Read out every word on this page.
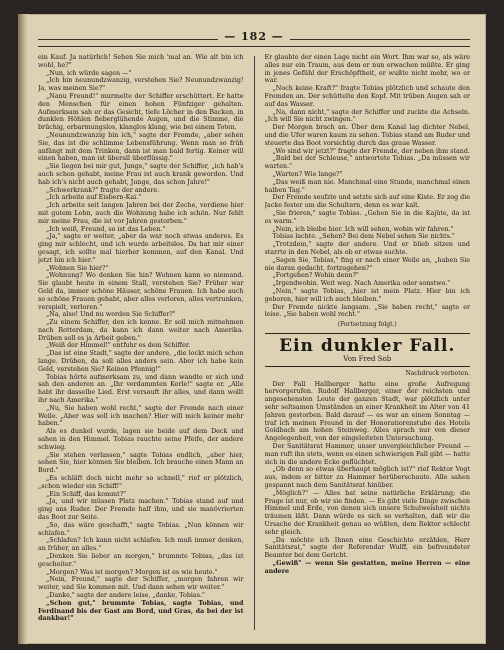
— 182 —

ein Kauf. Ja natürlich! Sehen Sie mich 'mal an. Wie alt bin ich wohl, he?"

„Nun, ich würde sagen —"

„Ich bin neunundzwanzig, verstehen Sie? Neunundzwanzig! Ja, was meinen Sie?"

„Nanu Freund!" murmelte der Schiffer erschüttert. Er hatte den Menschen für einen hohen Fünfziger gehalten. Aufmerksam sah er das Gesicht, tiefe Löcher in den Backen, in dunklen Höhlen fieberglühende Augen, und die Stimme, die brüchig, erbarmungslos, klanglos klang, wie bei einem Toten.

„Neunundzwanzig bin ich," sagte der Fremde, „aber sehen Sie, das ist die schlimme Lebensführung. Wenn man so früh anfängt mit dem Trinken, dann ist man bald fertig. Keiner will einen haben, man ist überall überflüssig."

„Sie liegen bei mir gut, Junge," sagte der Schiffer, „ich hab's auch schon gehabt, meine Frau ist auch krank geworden. Und hab ich's nicht auch gehabt, Junge, das schon Jahre!"

„Schwerkrank?" fragte der andere.

„Ich arbeite auf Eisbern-Kai."

„Ich arbeite seit langen Jahren bei der Zeche, verdiene hier mit gutem Lohn, auch die Wohnung habe ich schön. Nur fehlt mir meine Frau, die ist vor Jahren gestorben."

„Ich weiß, Freund, so ist das Leben."

„Ja," sagte er weiter, „aber da war noch etwas anderes. Es ging mir schlecht, und ich wurde arbeitslos. Da hat mir einer gesagt, ich sollte mal hierher kommen, auf den Kanal. Und jetzt bin ich hier."

„Wohnen Sie hier?"

„Wohnung? Wo denken Sie hin? Wohnen kann so niemand. Sie glaubt heute in einem Stall, verstehen Sie? Früher war Geld da, immer schöne Häuser, schöne Frauen. Ich habe auch so schöne Frauen gehabt, aber alles verloren, alles vertrunken, verspielt, verloren."

„Na, also! Und nu werden Sie Schiffer?"

„Zu einem Schiffer, den ich kenne. Er soll mich mitnehmen nach Rotterdam, da kann ich dann weiter nach Amerika. Drüben soll es ja Arbeit geben."

„Weiß der Himmel!" entfuhr es dem Schiffer.

„Das ist eine Stadt," sagte der andere, „die lockt mich schon lange. Drüben, da soll alles anders sein. Aber ich habe kein Geld, verstehen Sie? Keinen Pfennig!"

Tobias hörte aufmerksam zu, und dann wandte er sich und sah den anderen an. „Ihr verdammten Kerle!" sagte er. „Alle habt ihr dasselbe Lied. Erst versauft ihr alles, und dann wollt ihr nach Amerika."

„Nu, Sie haben wohl recht," sagte der Fremde nach einer Weile. „Aber was soll ich machen? Hier will mich keiner mehr haben."

Als es dunkel wurde, lagen sie beide auf dem Deck und sahen in den Himmel. Tobias rauchte seine Pfeife, der andere schwieg.

„Sie stehen verlassen," sagte Tobias endlich, „aber hier, sehen Sie, hier können Sie bleiben. Ich brauche einen Mann an Bord."

„Es schläft doch nicht mehr so schnell," rief er plötzlich, „schon wieder ein Schiff!"

„Ein Schiff, das kommt?"

„Ja, und wir müssen Platz machen." Tobias stand auf und ging ans Ruder. Der Fremde half ihm, und sie manövrierten das Boot zur Seite.

„So, das wäre geschafft," sagte Tobias. „Nun können wir schlafen."

„Schlafen? Ich kann nicht schlafen. Ich muß immer denken, an früher, an alles."

„Denken Sie lieber an morgen," brummte Tobias, „das ist gescheiter."

„Morgen? Was ist morgen? Morgen ist es wie heute."

„Nein, Freund," sagte der Schiffer, „morgen fahren wir weiter, und Sie kommen mit. Und dann sehen wir weiter."

„Danke," sagte der andere leise, „danke, Tobias."

„Schon gut," brummte Tobias, sagte Tobias, und Ferdinand bis der Gast am Bord, und Gras, da bei der ist dankbar!"

Er glaubte der einen Lage nicht ein Wort. Ihm war so, als wäre alles nur ein Traum, aus dem er nun erwachen müßte. Er ging in jenes Gefühl der Erschöpftheit, er wußte nicht mehr, wo er war.

„Noch keine Kraft?" fragte Tobias plötzlich und schaute den Fremden an. Der schüttelte den Kopf. Mit trüben Augen sah er auf das Wasser.

„Na, dann nicht," sagte der Schiffer und zuckte die Achseln. „Ich will Sie nicht zwingen."

Der Morgen brach an. Über dem Kanal lag dichter Nebel, und die Ufer waren kaum zu sehen. Tobias stand am Ruder und steuerte das Boot vorsichtig durch das graue Wasser.

„Wo sind wir jetzt?" fragte der Fremde, der neben ihm stand.

„Bald bei der Schleuse," antwortete Tobias. „Da müssen wir warten."

„Warten? Wie lange?"

„Das weiß man nie. Manchmal eine Stunde, manchmal einen halben Tag."

Der Fremde seufzte und setzte sich auf eine Kiste. Er zog die Jacke fester um die Schultern, denn es war kalt.

„Sie frieren," sagte Tobias. „Gehen Sie in die Kajüte, da ist es warm."

„Nein, ich bleibe hier. Ich will sehen, wohin wir fahren."

Tobias lachte. „Sehen? Bei dem Nebel sehen Sie nichts."

„Trotzdem," sagte der andere. Und er blieb sitzen und starrte in den Nebel, als ob er etwas suchte.

„Sagen Sie, Tobias," fing er nach einer Weile an, „haben Sie nie daran gedacht, fortzugehen?"

„Fortgehen? Wohin denn?"

„Irgendwohin. Weit weg. Nach Amerika oder sonstwo."

„Nein," sagte Tobias, „hier ist mein Platz. Hier bin ich geboren, hier will ich auch bleiben."

Der Fremde nickte langsam. „Sie haben recht," sagte er leise. „Sie haben wohl recht."

(Fortsetzung folgt.)
Ein dunkler Fall.
Von Fred Sob
Nachdruck verboten.

Der Fall Hallberger hatte eine große Aufregung hervorgerufen. Rudolf Hallberger, einer der reichsten und angesehensten Leute der ganzen Stadt, war plötzlich unter sehr seltsamen Umständen an einer Krankheit im Alter von 41 Jahren gestorben. Bald darauf — es war an einem Sonntag — traf ich meinen Freund in der Honoratiorenstube des Hotels Goldbach am hohen Steinweg. Alles sprach nur von dieser Angelegenheit, von der eingeleiteten Untersuchung.

Der Sanitätsrat Hammer, unser unvergleichlicher Freund — man ruft ihn stets, wenn es einen schwierigen Fall gibt — hatte sich in die andere Ecke geflüchtet.

„Ob denn so etwas überhaupt möglich ist?" rief Rektor Vogt aus, indem er bitter zu Hammer herüberschaute. Alle sahen gespannt nach dem Sanitätsrat hinüber.

„Möglich?" — Alles hat seine natürliche Erklärung; die Frage ist nur, ob wir sie finden. — Es gibt viele Dinge zwischen Himmel und Erde, von denen sich unsere Schulweisheit nichts träumen läßt. Dann würde es sich so verhalten, daß wir die Ursache der Krankheit genau so wüßten, dem Rektor schlecht sehr gleich.

„Da möchte ich Ihnen eine Geschichte erzählen, Herr Sanitätsrat," sagte der Referendar Wulff, ein befreundeter Beamter bei dem Gericht.

„Gewiß" — wenn Sie gestatten, meine Herren — eine andere
